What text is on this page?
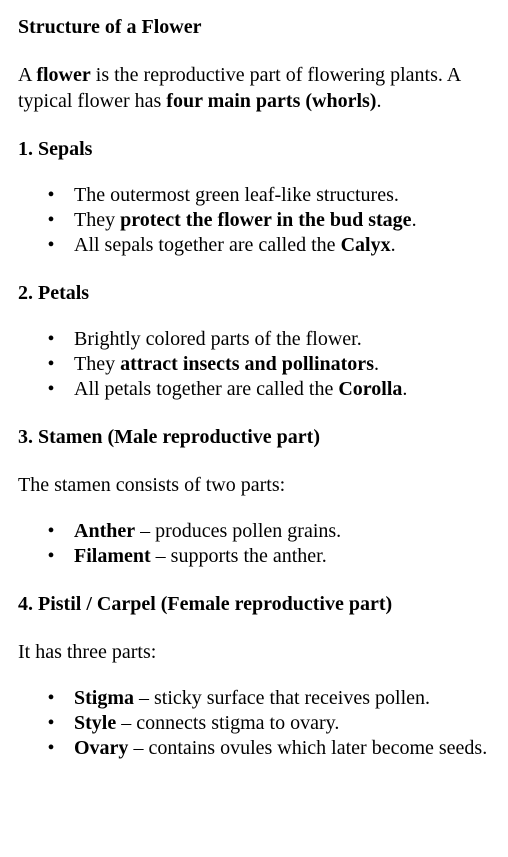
Structure of a Flower

A flower is the reproductive part of flowering plants. A typical flower has four main parts (whorls).

1. Sepals

• The outermost green leaf-like structures.
• They protect the flower in the bud stage.
• All sepals together are called the Calyx.

2. Petals

• Brightly colored parts of the flower.
• They attract insects and pollinators.
• All petals together are called the Corolla.

3. Stamen (Male reproductive part)

The stamen consists of two parts:

• Anther – produces pollen grains.
• Filament – supports the anther.

4. Pistil / Carpel (Female reproductive part)

It has three parts:

• Stigma – sticky surface that receives pollen.
• Style – connects stigma to ovary.
• Ovary – contains ovules which later become seeds.
